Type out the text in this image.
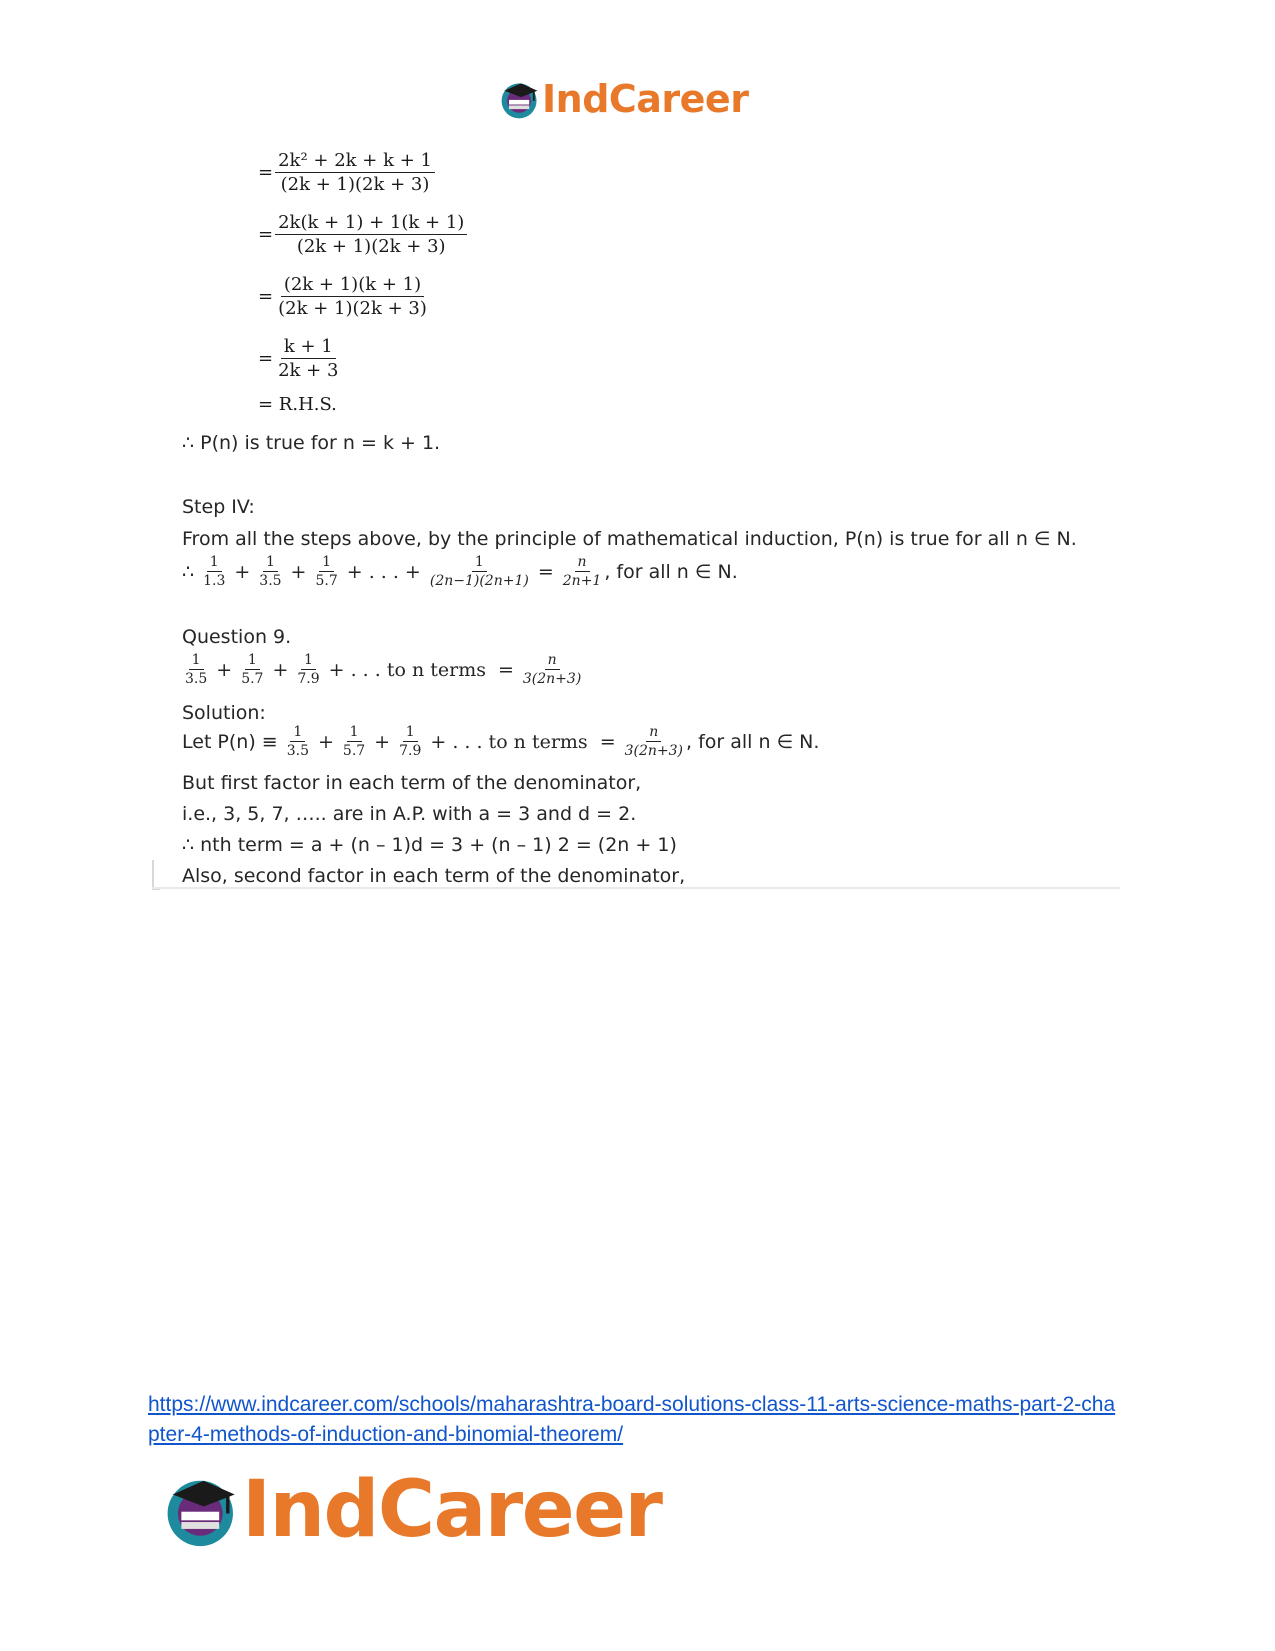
IndCareer
= $\frac{\text{2k² + 2k + k + 1}}{(2k + 1)(2k + 3)}$
= $\frac{2k(k + 1) + 1(k + 1)}{(2k + 1)(2k + 3)}$
= $\frac{(2k + 1)(k + 1)}{(2k + 1)(2k + 3)}$
= $\frac{k + 1}{2k + 3}$
= R.H.S.
∴ P(n) is true for n = k + 1.
Step IV:
From all the steps above, by the principle of mathematical induction, P(n) is true for all n ∈ N.
∴ $\frac{1}{1.3} + \frac{1}{3.5} + \frac{1}{5.7}$ + . . . + $\frac{1}{(2n-1)(2n+1)} = \frac{n}{2n+1}$ , for all n ∈ N.
Question 9.
$\frac{1}{3.5} + \frac{1}{5.7} + \frac{1}{7.9}$ + . . . to n terms = $\frac{n}{3(2n+3)}$
Solution:
Let $P(n) \equiv \frac{1}{3.5} + \frac{1}{5.7} + \frac{1}{7.9}$ + . . . to n terms = $\frac{n}{3(2n+3)}$ , for all n ∈ N.
But first factor in each term of the denominator,
i.e., 3, 5, 7, ….. are in A.P. with a = 3 and d = 2.
∴ nth term = a + (n – 1)d = 3 + (n – 1) 2 = (2n + 1)
Also, second factor in each term of the denominator,
https://www.indcareer.com/schools/maharashtra-board-solutions-class-11-arts-science-maths-part-2-chapter-4-methods-of-induction-and-binomial-theorem/
IndCareer
